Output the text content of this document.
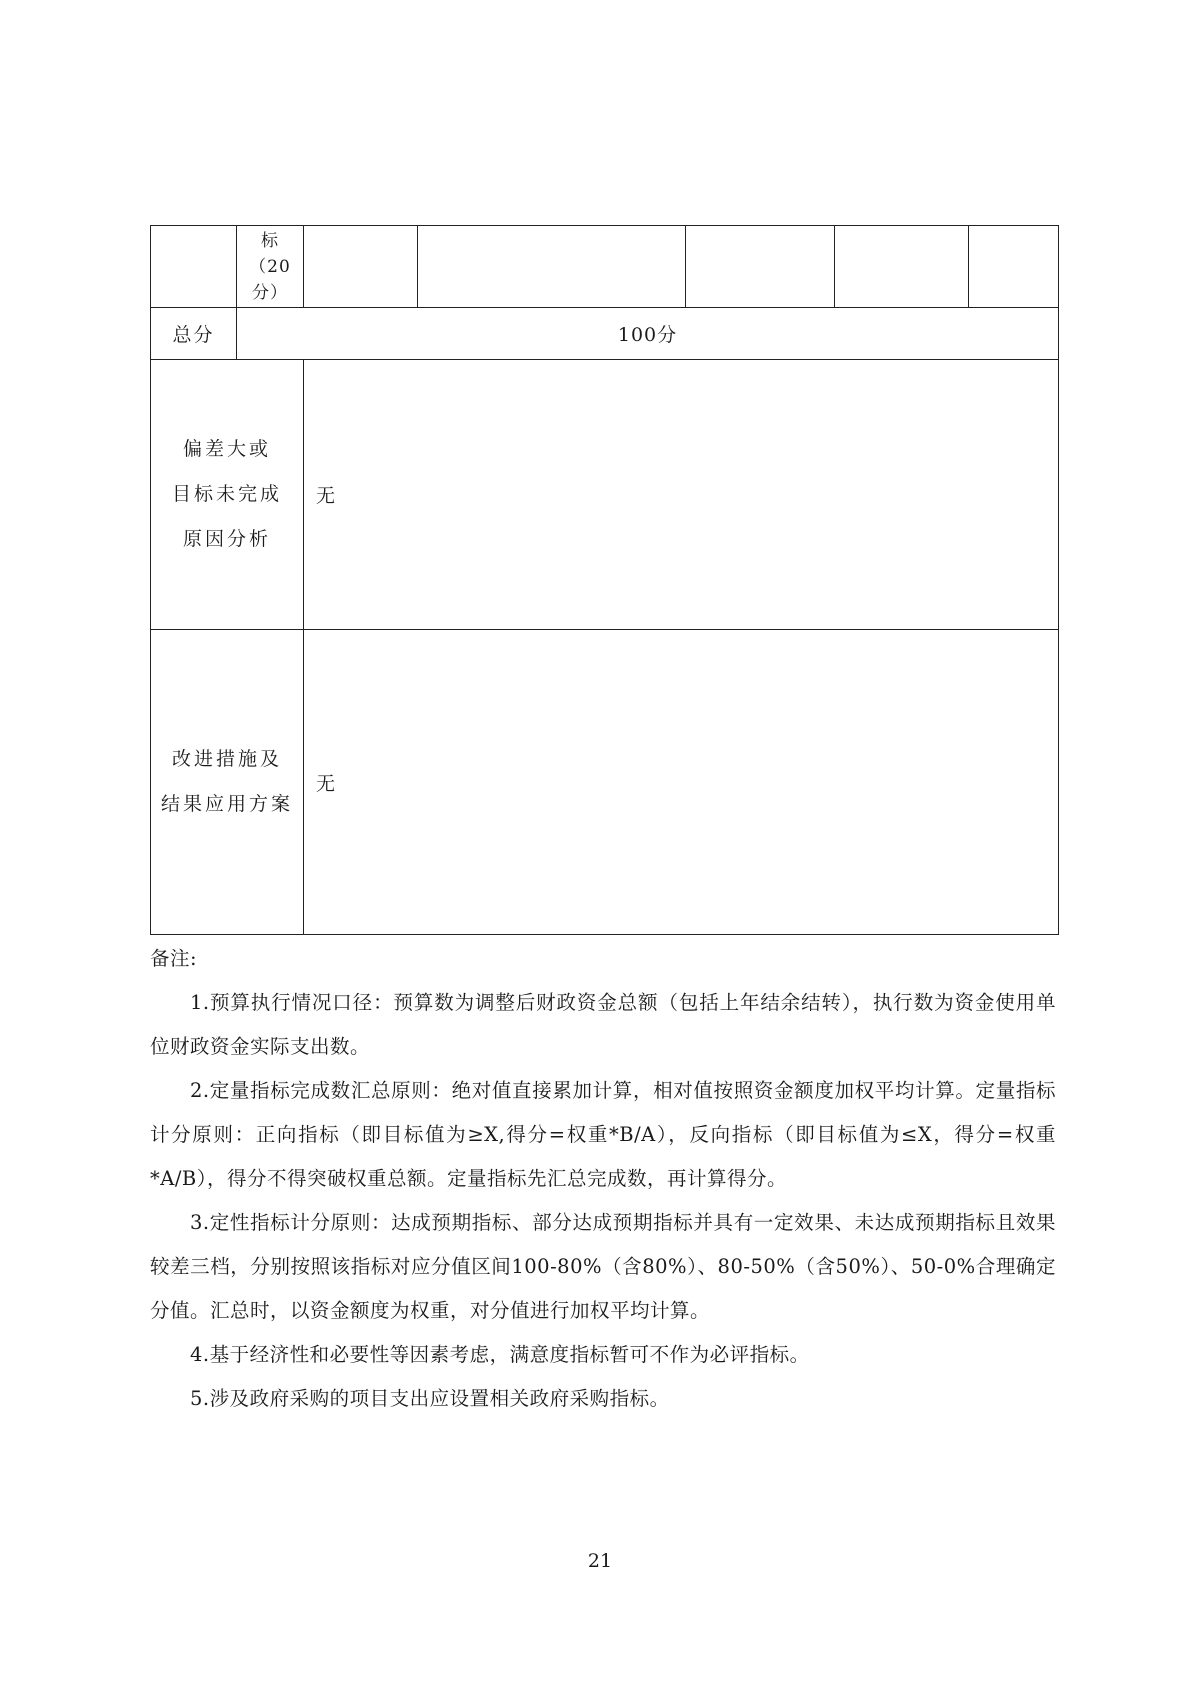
	标
（20
分）					

总分	100分					

偏差大或
目标未完成
原因分析		无				

改进措施及
结果应用方案		无				

备注:

1.预算执行情况口径：预算数为调整后财政资金总额（包括上年结余结转），执行数为资金使用单位财政资金实际支出数。

2.定量指标完成数汇总原则：绝对值直接累加计算，相对值按照资金额度加权平均计算。定量指标计分原则：正向指标（即目标值为≥X,得分=权重*B/A），反向指标（即目标值为≤X，得分=权重*A/B），得分不得突破权重总额。定量指标先汇总完成数，再计算得分。

3.定性指标计分原则：达成预期指标、部分达成预期指标并具有一定效果、未达成预期指标且效果较差三档，分别按照该指标对应分值区间100-80%（含80%）、80-50%（含50%）、50-0%合理确定分值。汇总时，以资金额度为权重，对分值进行加权平均计算。

4.基于经济性和必要性等因素考虑，满意度指标暂可不作为必评指标。

5.涉及政府采购的项目支出应设置相关政府采购指标。

21
